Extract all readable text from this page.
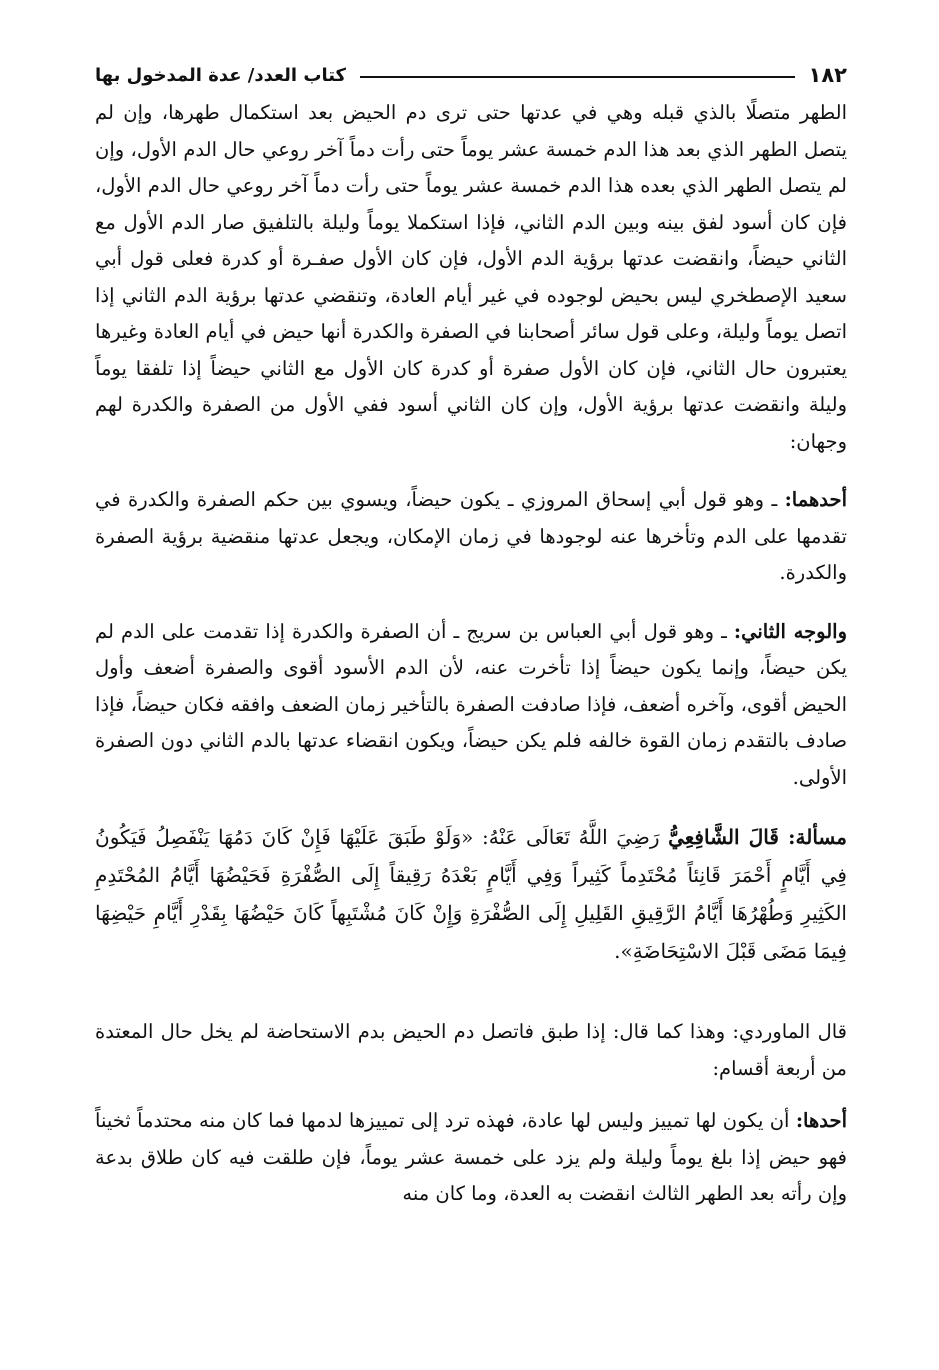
١٨٢
كتاب العدد/ عدة المدخول بها

الطهر متصلًا بالذي قبله وهي في عدتها حتى ترى دم الحيض بعد استكمال طهرها، وإن لم يتصل الطهر الذي بعد هذا الدم خمسة عشر يوماً حتى رأت دماً آخر روعي حال الدم الأول، وإن لم يتصل الطهر الذي بعده هذا الدم خمسة عشر يوماً حتى رأت دماً آخر روعي حال الدم الأول، فإن كان أسود لفق بينه وبين الدم الثاني، فإذا استكملا يوماً وليلة بالتلفيق صار الدم الأول مع الثاني حيضاً، وانقضت عدتها برؤية الدم الأول، فإن كان الأول صفـرة أو كدرة فعلى قول أبي سعيد الإصطخري ليس بحيض لوجوده في غير أيام العادة، وتنقضي عدتها برؤية الدم الثاني إذا اتصل يوماً وليلة، وعلى قول سائر أصحابنا في الصفرة والكدرة أنها حيض في أيام العادة وغيرها يعتبرون حال الثاني، فإن كان الأول صفرة أو كدرة كان الأول مع الثاني حيضاً إذا تلفقا يوماً وليلة وانقضت عدتها برؤية الأول، وإن كان الثاني أسود ففي الأول من الصفرة والكدرة لهم وجهان:

أحدهما: ـ وهو قول أبي إسحاق المروزي ـ يكون حيضاً، ويسوي بين حكم الصفرة والكدرة في تقدمها على الدم وتأخرها عنه لوجودها في زمان الإمكان، ويجعل عدتها منقضية برؤية الصفرة والكدرة.

والوجه الثاني: ـ وهو قول أبي العباس بن سريج ـ أن الصفرة والكدرة إذا تقدمت على الدم لم يكن حيضاً، وإنما يكون حيضاً إذا تأخرت عنه، لأن الدم الأسود أقوى والصفرة أضعف وأول الحيض أقوى، وآخره أضعف، فإذا صادفت الصفرة بالتأخير زمان الضعف وافقه فكان حيضاً، فإذا صادف بالتقدم زمان القوة خالفه فلم يكن حيضاً، ويكون انقضاء عدتها بالدم الثاني دون الصفرة الأولى.

مسألة: قَالَ الشَّافِعِيُّ رَضِيَ اللَّهُ تَعَالَى عَنْهُ: «وَلَوْ طَبَقَ عَلَيْهَا فَإِنْ كَانَ دَمُهَا يَنْفَصِلُ فَيَكُونُ فِي أَيَّامٍ أَحْمَرَ قَانِئاً مُحْتَدِماً كَثِيراً وَفِي أَيَّامٍ بَعْدَهُ رَقِيقاً إِلَى الصُّفْرَةِ فَحَيْضُهَا أَيَّامُ المُحْتَدِمِ الكَثِيرِ وَطُهْرُهَا أَيَّامُ الرَّقِيقِ القَلِيلِ إِلَى الصُّفْرَةِ وَإِنْ كَانَ مُشْتَبِهاً كَانَ حَيْضُهَا بِقَدْرِ أَيَّامِ حَيْضِهَا فِيمَا مَضَى قَبْلَ الاسْتِحَاضَةِ».

قال الماوردي: وهذا كما قال: إذا طبق فاتصل دم الحيض بدم الاستحاضة لم يخل حال المعتدة من أربعة أقسام:

أحدها: أن يكون لها تمييز وليس لها عادة، فهذه ترد إلى تمييزها لدمها فما كان منه محتدماً ثخيناً فهو حيض إذا بلغ يوماً وليلة ولم يزد على خمسة عشر يوماً، فإن طلقت فيه كان طلاق بدعة وإن رأته بعد الطهر الثالث انقضت به العدة، وما كان منه
